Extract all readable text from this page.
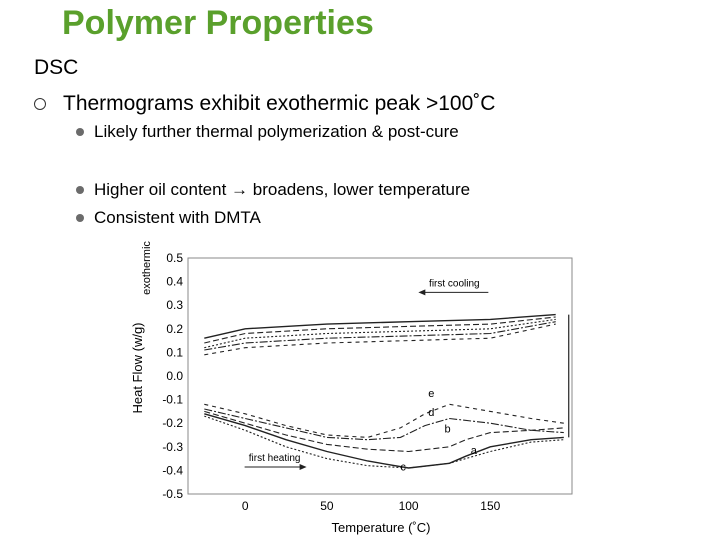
Polymer Properties
DSC
Thermograms exhibit exothermic peak >100˚C
Likely further thermal polymerization & post-cure
Higher oil content → broadens, lower temperature
Consistent with DMTA
0.5
0.4
0.3
0.2
0.1
0.0
-0.1
-0.2
-0.3
-0.4
-0.5
0	50	100	150
Heat Flow (w/g)
exothermic
Temperature (˚C)
a
b
c
d
e
first cooling
first heating
